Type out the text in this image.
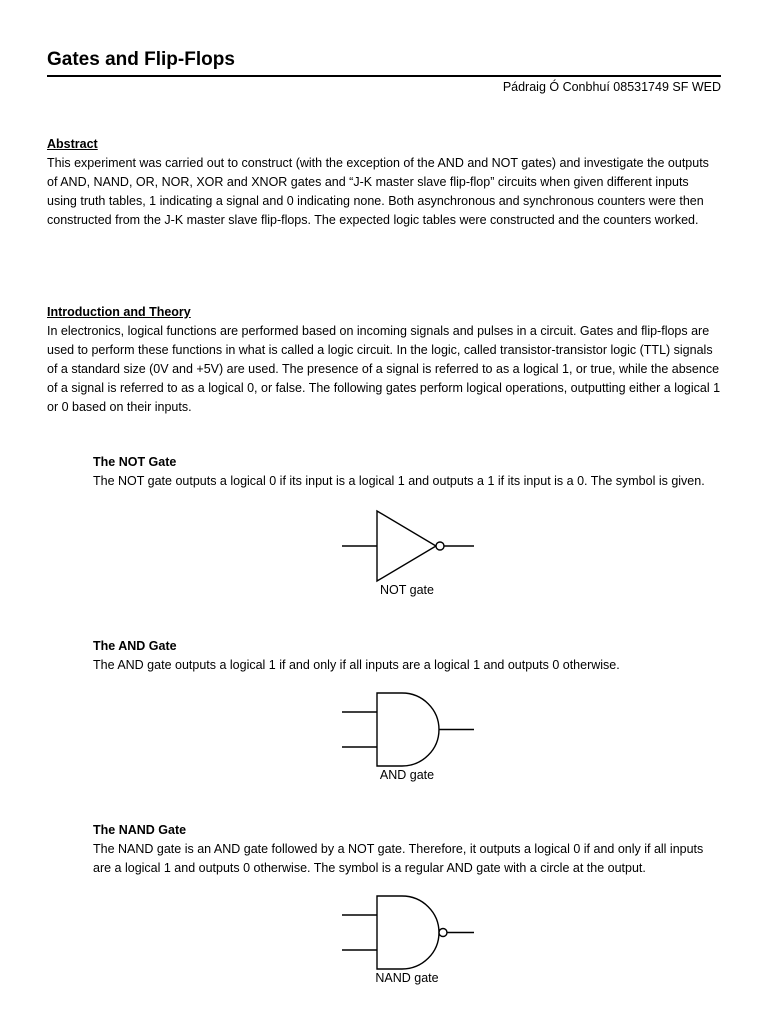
Gates and Flip-Flops
Pádraig Ó Conbhuí 08531749 SF WED

Abstract

This experiment was carried out to construct (with the exception of the AND and NOT gates) and investigate the outputs of AND, NAND, OR, NOR, XOR and XNOR gates and “J-K master slave flip-flop” circuits when given different inputs using truth tables, 1 indicating a signal and 0 indicating none. Both asynchronous and synchronous counters were then constructed from the J-K master slave flip-flops. The expected logic tables were constructed and the counters worked.

Introduction and Theory

In electronics, logical functions are performed based on incoming signals and pulses in a circuit. Gates and flip-flops are used to perform these functions in what is called a logic circuit. In the logic, called transistor-transistor logic (TTL) signals of a standard size (0V and +5V) are used. The presence of a signal is referred to as a logical 1, or true, while the absence of a signal is referred to as a logical 0, or false. The following gates perform logical operations, outputting either a logical 1 or 0 based on their inputs.

The NOT Gate

The NOT gate outputs a logical 0 if its input is a logical 1 and outputs a 1 if its input is a 0. The symbol is given.

NOT gate

The AND Gate

The AND gate outputs a logical 1 if and only if all inputs are a logical 1 and outputs 0 otherwise.

AND gate

The NAND Gate

The NAND gate is an AND gate followed by a NOT gate. Therefore, it outputs a logical 0 if and only if all inputs are a logical 1 and outputs 0 otherwise. The symbol is a regular AND gate with a circle at the output.

NAND gate
